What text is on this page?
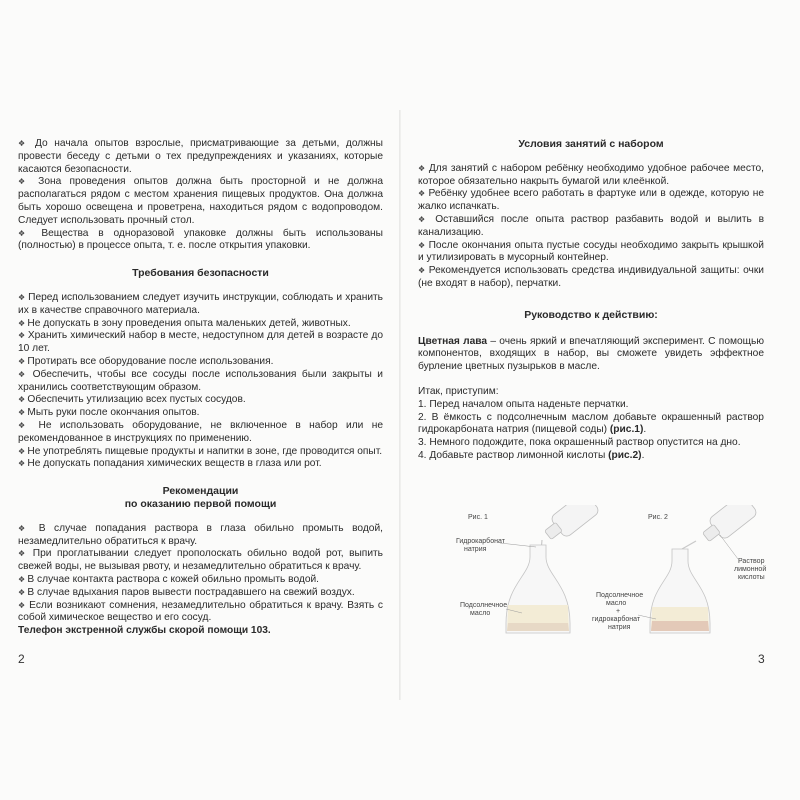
❖ До начала опытов взрослые, присматривающие за детьми, должны провести беседу с детьми о тех предупреждениях и указаниях, которые касаются безопасности.

❖ Зона проведения опытов должна быть просторной и не должна располагаться рядом с местом хранения пищевых продуктов. Она должна быть хорошо освещена и проветрена, находиться рядом с водопроводом. Следует использовать прочный стол.

❖ Вещества в одноразовой упаковке должны быть использованы (полностью) в процессе опыта, т. е. после открытия упаковки.

Требования безопасности

❖ Перед использованием следует изучить инструкции, соблюдать и хранить их в качестве справочного материала.

❖ Не допускать в зону проведения опыта маленьких детей, животных.

❖ Хранить химический набор в месте, недоступном для детей в возрасте до 10 лет.

❖ Протирать все оборудование после использования.

❖ Обеспечить, чтобы все сосуды после использования были закрыты и хранились соответствующим образом.

❖ Обеспечить утилизацию всех пустых сосудов.

❖ Мыть руки после окончания опытов.

❖ Не использовать оборудование, не включенное в набор или не рекомендованное в инструкциях по применению.

❖ Не употреблять пищевые продукты и напитки в зоне, где проводится опыт.

❖ Не допускать попадания химических веществ в глаза или рот.

Рекомендации
по оказанию первой помощи

❖ В случае попадания раствора в глаза обильно промыть водой, незамедлительно обратиться к врачу.

❖ При проглатывании следует прополоскать обильно водой рот, выпить свежей воды, не вызывая рвоту, и незамедлительно обратиться к врачу.

❖ В случае контакта раствора с кожей обильно промыть водой.

❖ В случае вдыхания паров вывести пострадавшего на свежий воздух.

❖ Если возникают сомнения, незамедлительно обратиться к врачу. Взять с собой химическое вещество и его сосуд.

Телефон экстренной службы скорой помощи 103.

2
Условия занятий с набором

❖ Для занятий с набором ребёнку необходимо удобное рабочее место, которое обязательно накрыть бумагой или клеёнкой.

❖ Ребёнку удобнее всего работать в фартуке или в одежде, которую не жалко испачкать.

❖ Оставшийся после опыта раствор разбавить водой и вылить в канализацию.

❖ После окончания опыта пустые сосуды необходимо закрыть крышкой и утилизировать в мусорный контейнер.

❖ Рекомендуется использовать средства индивидуальной защиты: очки (не входят в набор), перчатки.

Руководство к действию:

Цветная лава – очень яркий и впечатляющий эксперимент. С помощью компонентов, входящих в набор, вы сможете увидеть эффектное бурление цветных пузырьков в масле.

Итак, приступим:

1. Перед началом опыта наденьте перчатки.

2. В ёмкость с подсолнечным маслом добавьте окрашенный раствор гидрокарбоната натрия (пищевой соды) (рис.1).

3. Немного подождите, пока окрашенный раствор опустится на дно.

4. Добавьте раствор лимонной кислоты (рис.2).

Рис. 1
Гидрокарбонат
натрия
Подсолнечное
масло
Рис. 2
Подсолнечное
масло
+
гидрокарбонат
натрия
Раствор
лимонной
кислоты
3
